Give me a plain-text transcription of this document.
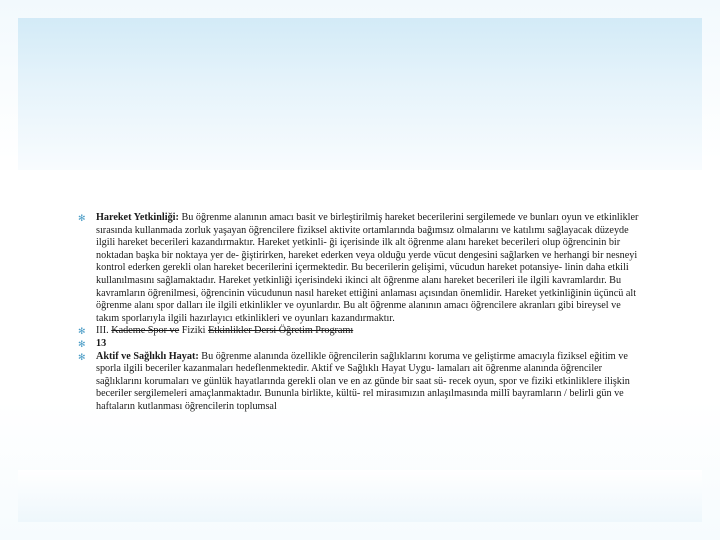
✻ Hareket Yetkinliği: Bu öğrenme alanının amacı basit ve birleştirilmiş hareket becerilerini sergilemede ve bunları oyun ve etkinlikler sırasında kullanmada zorluk yaşayan öğrencilere fiziksel aktivite ortamlarında bağımsız olmalarını ve katılımı sağlayacak düzeyde ilgili hareket becerileri kazandırmaktır. Hareket yetkinli- ği içerisinde ilk alt öğrenme alanı hareket becerileri olup öğrencinin bir noktadan başka bir noktaya yer de- ğiştirirken, hareket ederken veya olduğu yerde vücut dengesini sağlarken ve herhangi bir nesneyi kontrol ederken gerekli olan hareket becerilerini içermektedir. Bu becerilerin gelişimi, vücudun hareket potansiye- linin daha etkili kullanılmasını sağlamaktadır. Hareket yetkinliği içerisindeki ikinci alt öğrenme alanı hareket becerileri ile ilgili kavramlardır. Bu kavramların öğrenilmesi, öğrencinin vücudunun nasıl hareket ettiğini anlaması açısından önemlidir. Hareket yetkinliğinin üçüncü alt öğrenme alanı spor dalları ile ilgili etkinlikler ve oyunlardır. Bu alt öğrenme alanının amacı öğrencilere akranları gibi bireysel ve takım sporlarıyla ilgili hazırlayıcı etkinlikleri ve oyunları kazandırmaktır.
✻ III. Kademe Spor ve Fiziki Etkinlikler Dersi Öğretim Programı
✻ 13
✻ Aktif ve Sağlıklı Hayat: Bu öğrenme alanında özellikle öğrencilerin sağlıklarını koruma ve geliştirme amacıyla fiziksel eğitim ve sporla ilgili beceriler kazanmaları hedeflenmektedir. Aktif ve Sağlıklı Hayat Uygu- lamaları ait öğrenme alanında öğrenciler sağlıklarını korumaları ve günlük hayatlarında gerekli olan ve en az günde bir saat sü- recek oyun, spor ve fiziki etkinliklere ilişkin beceriler sergilemeleri amaçlanmaktadır. Bununla birlikte, kültü- rel mirasımızın anlaşılmasında millî bayramların / belirli gün ve haftaların kutlanması öğrencilerin toplumsal
